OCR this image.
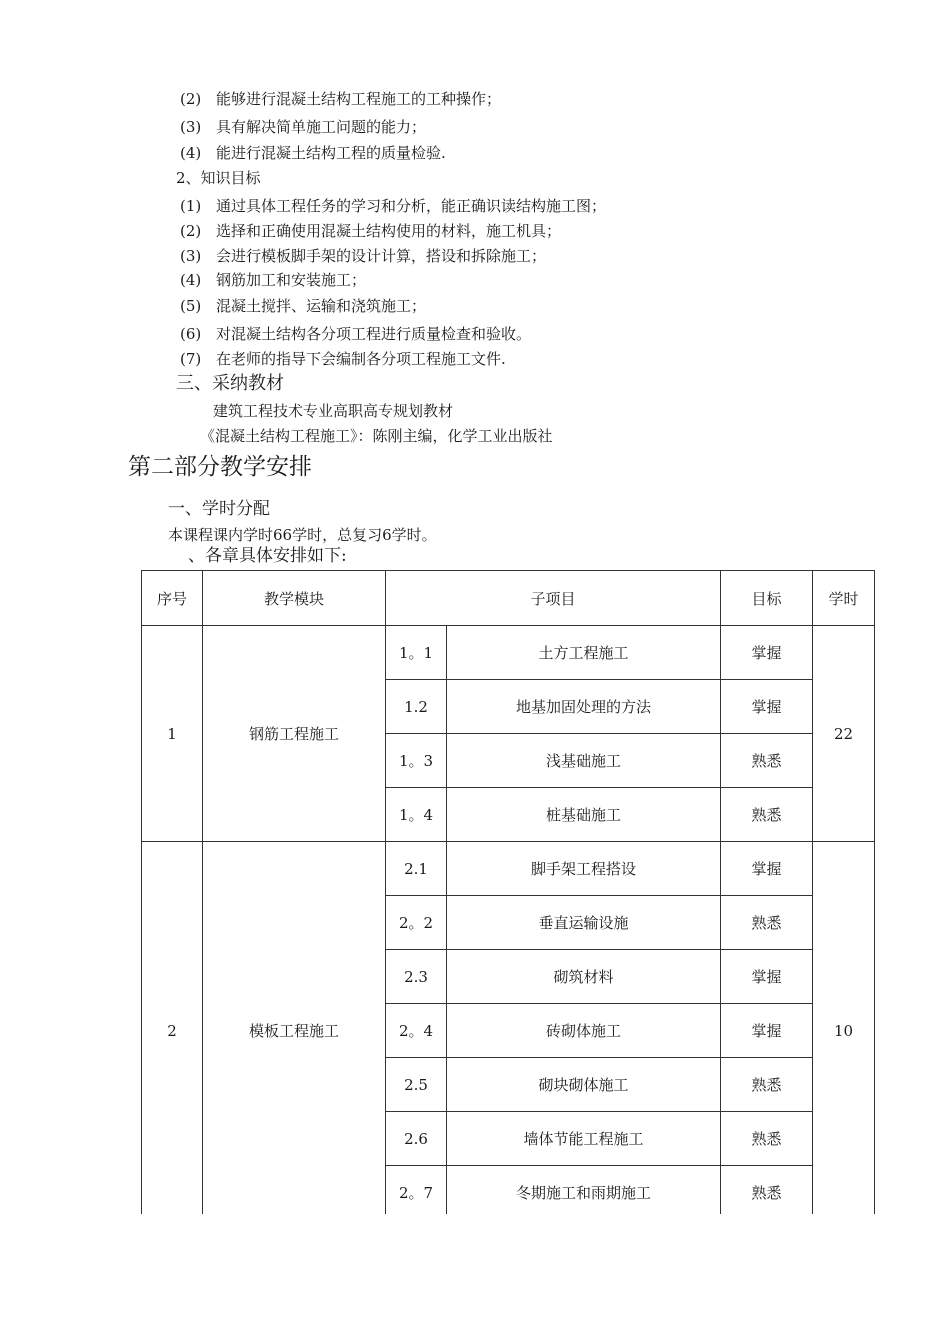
(2) 能够进行混凝土结构工程施工的工种操作；
(3) 具有解决简单施工问题的能力；
(4) 能进行混凝土结构工程的质量检验.
2、知识目标
(1) 通过具体工程任务的学习和分析，能正确识读结构施工图；
(2) 选择和正确使用混凝土结构使用的材料，施工机具；
(3) 会进行模板脚手架的设计计算，搭设和拆除施工；
(4) 钢筋加工和安装施工；
(5) 混凝土搅拌、运输和浇筑施工；
(6) 对混凝土结构各分项工程进行质量检查和验收。
(7) 在老师的指导下会编制各分项工程施工文件.
三、采纳教材
建筑工程技术专业高职高专规划教材
《混凝土结构工程施工》：陈刚主编，化学工业出版社
第二部分教学安排
一、学时分配
本课程课内学时66学时，总复习6学时。
、各章具体安排如下:
序号	教学模块	子项目		目标	学时
1	钢筋工程施工	1。1	土方工程施工	掌握	22
		1.2	地基加固处理的方法	掌握	
		1。3	浅基础施工	熟悉	
		1。4	桩基础施工	熟悉	
2	模板工程施工	2.1	脚手架工程搭设	掌握	10
		2。2	垂直运输设施	熟悉	
		2.3	砌筑材料	掌握	
		2。4	砖砌体施工	掌握	
		2.5	砌块砌体施工	熟悉	
		2.6	墙体节能工程施工	熟悉	
		2。7	冬期施工和雨期施工	熟悉	
